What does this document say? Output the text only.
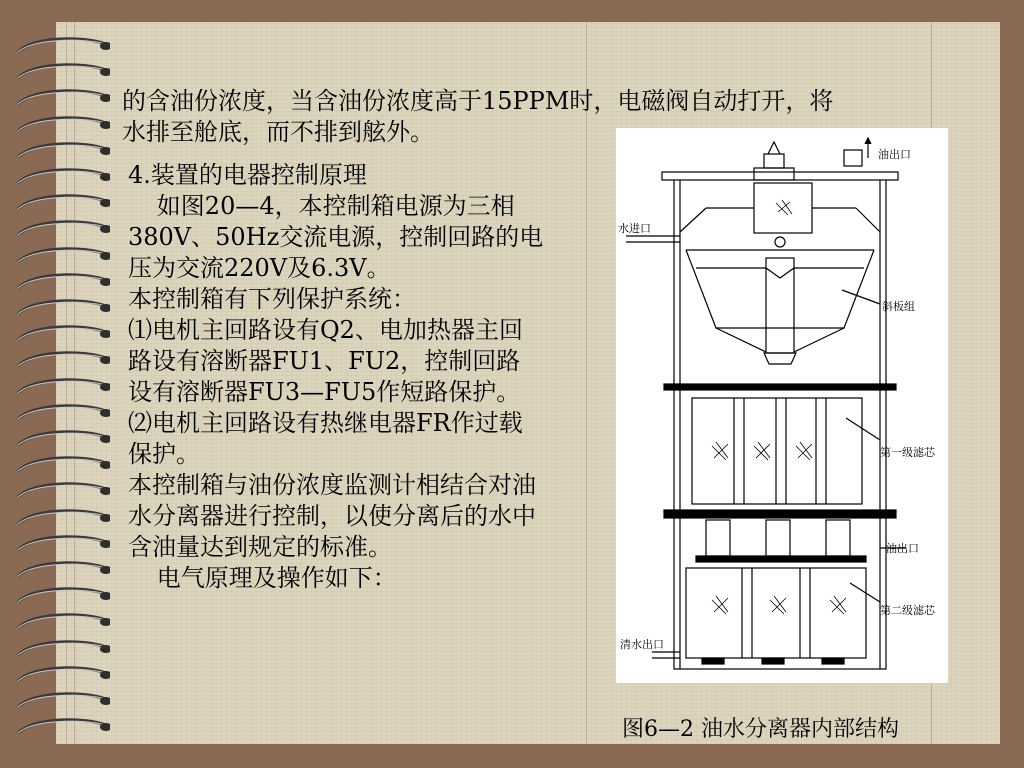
的含油份浓度，当含油份浓度高于15PPM时，电磁阀自动打开，将

水排至舱底，而不排到舷外。

4.装置的电器控制原理

如图20—4，本控制箱电源为三相380V、50Hz交流电源，控制回路的电压为交流220V及6.3V。

本控制箱有下列保护系统：

⑴电机主回路设有Q2、电加热器主回路设有溶断器FU1、FU2，控制回路设有溶断器FU3—FU5作短路保护。

⑵电机主回路设有热继电器FR作过载保护。

本控制箱与油份浓度监测计相结合对油水分离器进行控制，以使分离后的水中含油量达到规定的标准。

电气原理及操作如下：

油出口
水进口
斜板组
第一级滤芯
油出口
第二级滤芯
清水出口
图6—2 油水分离器内部结构
